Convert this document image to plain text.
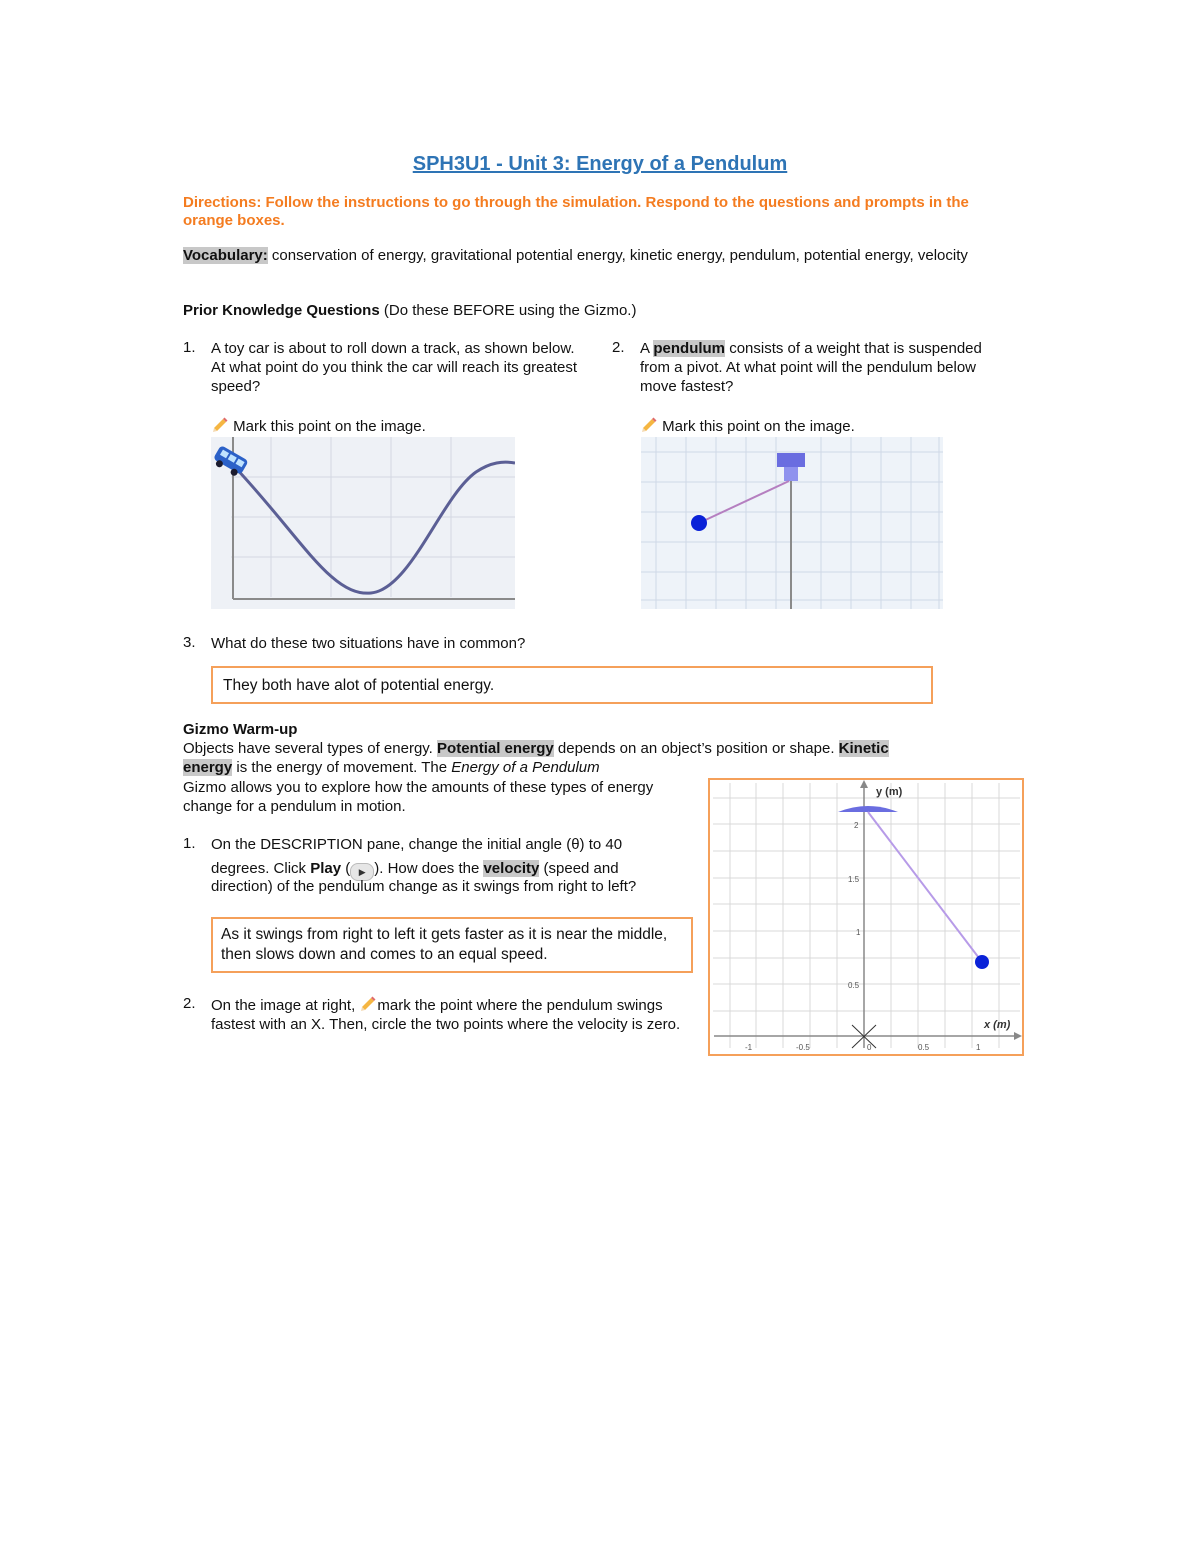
SPH3U1 - Unit 3: Energy of a Pendulum
Directions: Follow the instructions to go through the simulation. Respond to the questions and prompts in the orange boxes.
Vocabulary: conservation of energy, gravitational potential energy, kinetic energy, pendulum, potential energy, velocity
Prior Knowledge Questions (Do these BEFORE using the Gizmo.)
1. A toy car is about to roll down a track, as shown below. At what point do you think the car will reach its greatest speed?
Mark this point on the image.
2. A pendulum consists of a weight that is suspended from a pivot. At what point will the pendulum below move fastest?
Mark this point on the image.
3. What do these two situations have in common?
They both have alot of potential energy.
Gizmo Warm-up
Objects have several types of energy. Potential energy depends on an object’s position or shape. Kinetic
energy is the energy of movement. The Energy of a Pendulum
Gizmo allows you to explore how the amounts of these types of energy change for a pendulum in motion.
1. On the DESCRIPTION pane, change the initial angle (θ) to 40
degrees. Click Play ( ▶ ). How does the velocity (speed and
direction) of the pendulum change as it swings from right to left?
As it swings from right to left it gets faster as it is near the middle, then slows down and comes to an equal speed.
2. On the image at right, mark the point where the pendulum swings fastest with an X. Then, circle the two points where the velocity is zero.
y (m)
x (m)
2
1.5
1
0.5
-1	-0.5	0	0.5	1
